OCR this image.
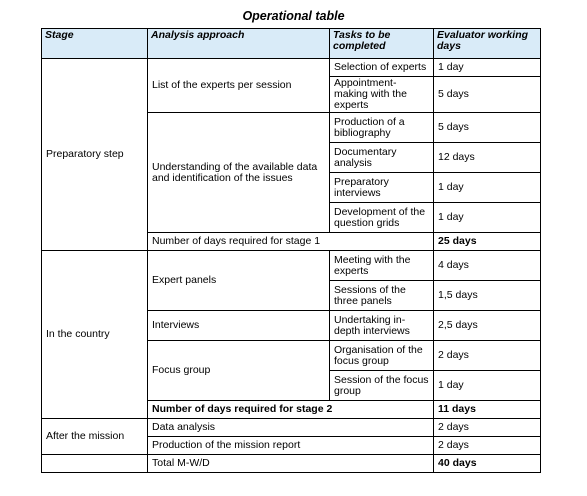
Operational table
Stage	Analysis approach	Tasks to be completed	Evaluator working days
Preparatory step	List of the experts per session	Selection of experts	1 day
		Appointment-making with the experts	5 days
	Understanding of the available data and identification of the issues	Production of a bibliography	5 days
		Documentary analysis	12 days
		Preparatory interviews	1 day
		Development of the question grids	1 day
	Number of days required for stage 1		25 days
In the country	Expert panels	Meeting with the experts	4 days
		Sessions of the three panels	1,5 days
	Interviews	Undertaking in-depth interviews	2,5 days
	Focus group	Organisation of the focus group	2 days
		Session of the focus group	1 day
	Number of days required for stage 2		11 days
After the mission	Data analysis		2 days
	Production of the mission report		2 days
	Total M-W/D		40 days
